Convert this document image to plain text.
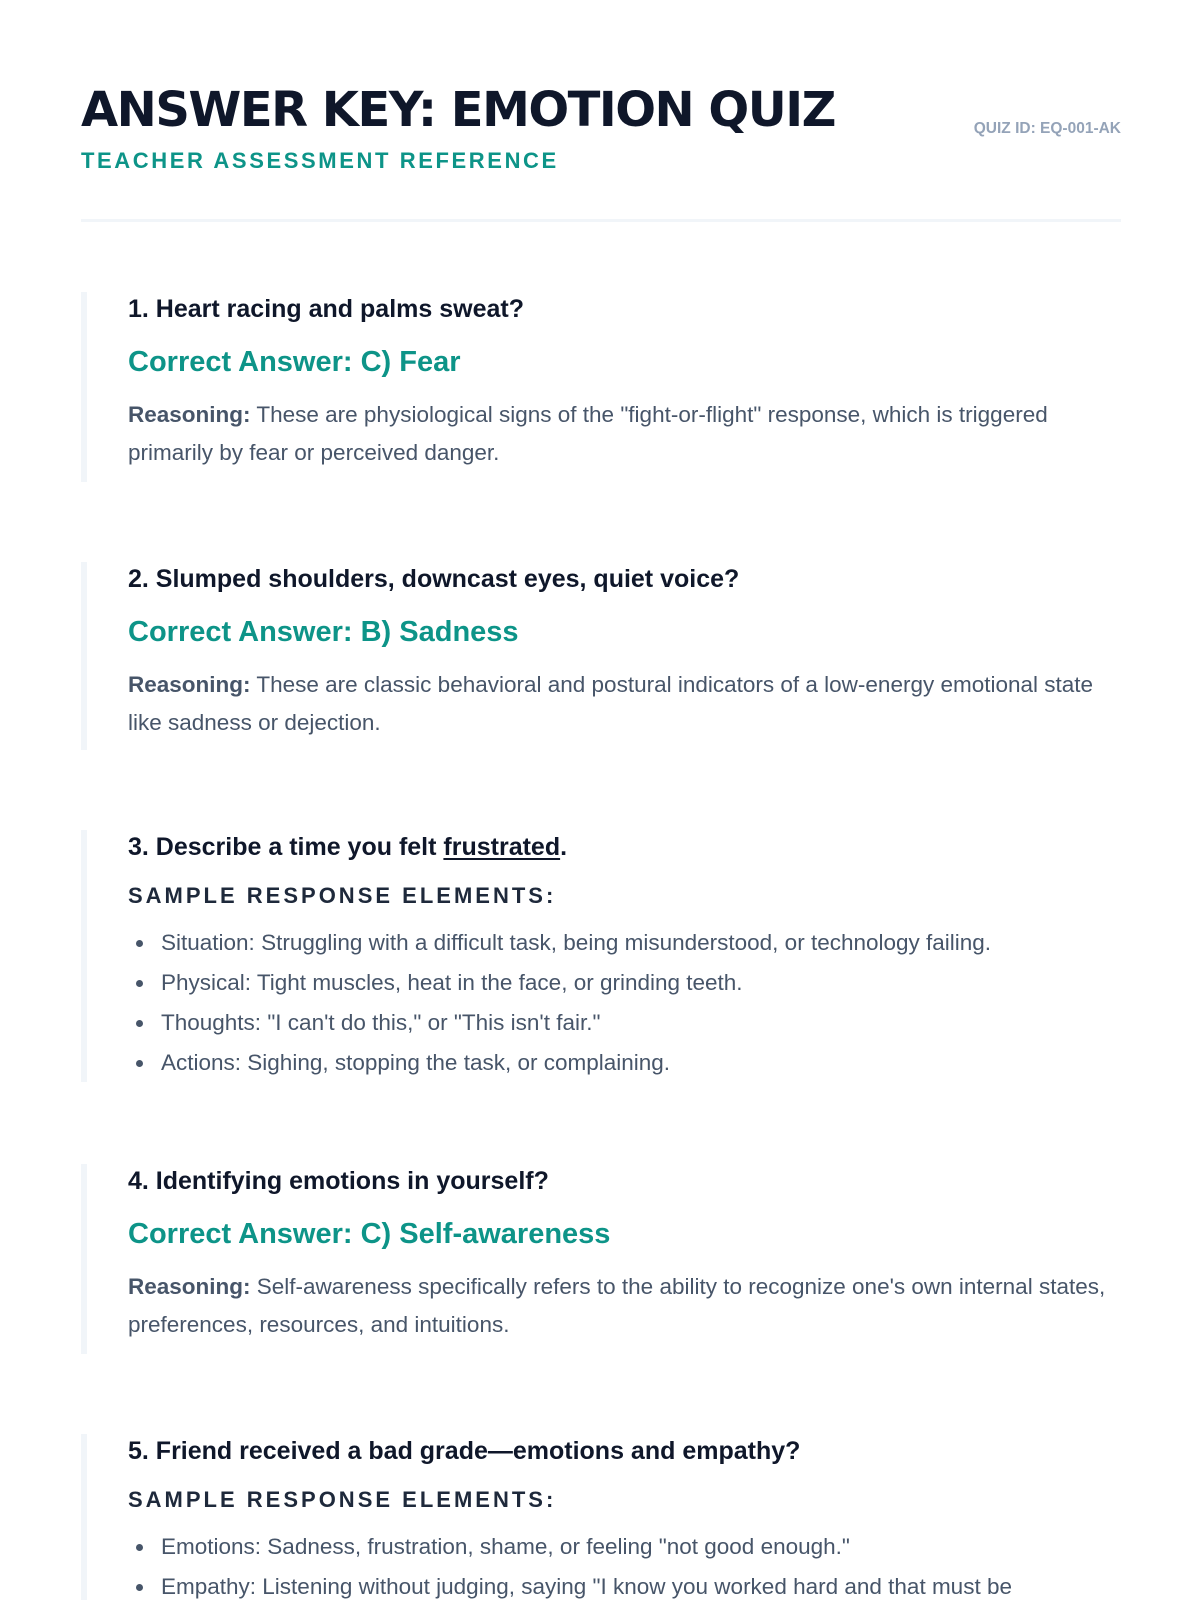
ANSWER KEY: EMOTION QUIZ
TEACHER ASSESSMENT REFERENCE
QUIZ ID: EQ-001-AK

1. Heart racing and palms sweat?

Correct Answer: C) Fear

Reasoning: These are physiological signs of the "fight-or-flight" response, which is triggered primarily by fear or perceived danger.

2. Slumped shoulders, downcast eyes, quiet voice?

Correct Answer: B) Sadness

Reasoning: These are classic behavioral and postural indicators of a low-energy emotional state like sadness or dejection.

3. Describe a time you felt frustrated.

SAMPLE RESPONSE ELEMENTS:

Situation: Struggling with a difficult task, being misunderstood, or technology failing.
Physical: Tight muscles, heat in the face, or grinding teeth.
Thoughts: "I can't do this," or "This isn't fair."
Actions: Sighing, stopping the task, or complaining.

4. Identifying emotions in yourself?

Correct Answer: C) Self-awareness

Reasoning: Self-awareness specifically refers to the ability to recognize one's own internal states, preferences, resources, and intuitions.

5. Friend received a bad grade—emotions and empathy?

SAMPLE RESPONSE ELEMENTS:

Emotions: Sadness, frustration, shame, or feeling "not good enough."
Empathy: Listening without judging, saying "I know you worked hard and that must be
